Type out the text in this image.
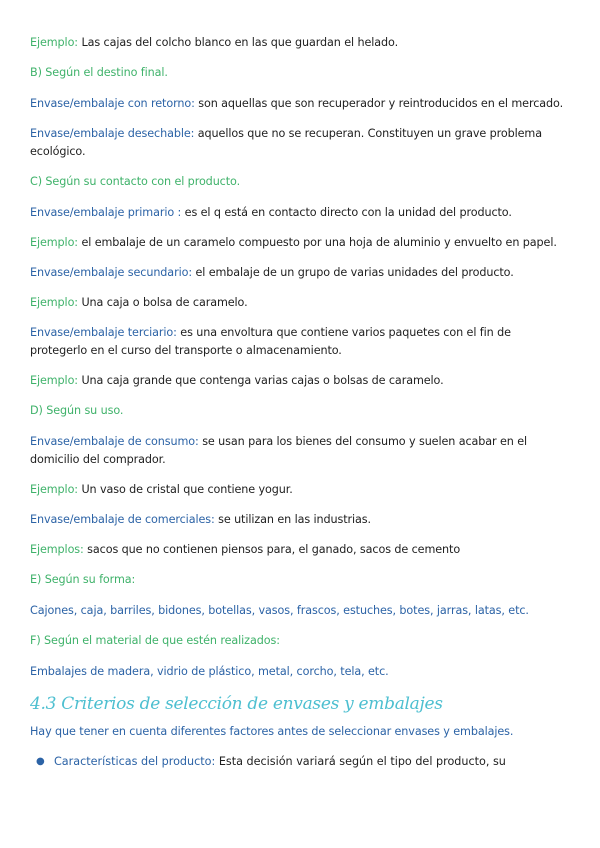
Ejemplo: Las cajas del colcho blanco en las que guardan el helado.

B) Según el destino final.

Envase/embalaje con retorno: son aquellas que son recuperador y reintroducidos en el mercado.

Envase/embalaje desechable: aquellos que no se recuperan. Constituyen un grave problema ecológico.

C) Según su contacto con el producto.

Envase/embalaje primario : es el q está en contacto directo con la unidad del producto.

Ejemplo: el embalaje de un caramelo compuesto por una hoja de aluminio y envuelto en papel.

Envase/embalaje secundario: el embalaje de un grupo de varias unidades del producto.

Ejemplo: Una caja o bolsa de caramelo.

Envase/embalaje terciario: es una envoltura que contiene varios paquetes con el fin de protegerlo en el curso del transporte o almacenamiento.

Ejemplo: Una caja grande que contenga varias cajas o bolsas de caramelo.

D) Según su uso.

Envase/embalaje de consumo: se usan para los bienes del consumo y suelen acabar en el domicilio del comprador.

Ejemplo: Un vaso de cristal que contiene yogur.

Envase/embalaje de comerciales: se utilizan en las industrias.

Ejemplos: sacos que no contienen piensos para, el ganado, sacos de cemento

E) Según su forma:

Cajones, caja, barriles, bidones, botellas, vasos, frascos, estuches, botes, jarras, latas, etc.

F) Según el material de que estén realizados:

Embalajes de madera, vidrio de plástico, metal, corcho, tela, etc.

4.3 Criterios de selección de envases y embalajes

Hay que tener en cuenta diferentes factores antes de seleccionar envases y embalajes.

● Características del producto: Esta decisión variará según el tipo del producto, su
